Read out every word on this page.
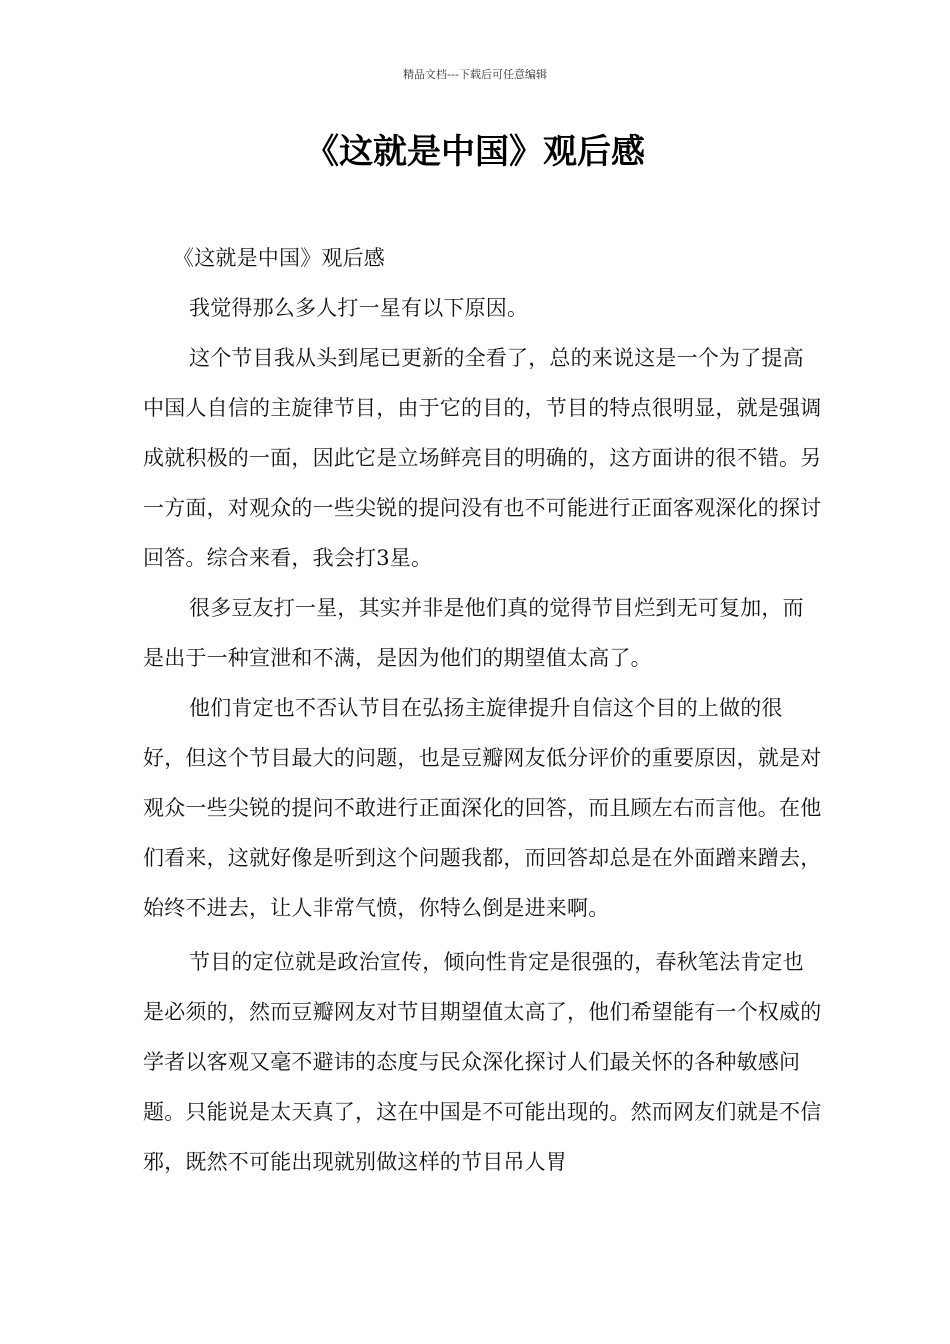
精品文档---下载后可任意编辑
《这就是中国》观后感

《这就是中国》观后感

我觉得那么多人打一星有以下原因。

这个节目我从头到尾已更新的全看了，总的来说这是一个为了提高中国人自信的主旋律节目，由于它的目的，节目的特点很明显，就是强调成就积极的一面，因此它是立场鲜亮目的明确的，这方面讲的很不错。另一方面，对观众的一些尖锐的提问没有也不可能进行正面客观深化的探讨回答。综合来看，我会打3星。

很多豆友打一星，其实并非是他们真的觉得节目烂到无可复加，而是出于一种宣泄和不满，是因为他们的期望值太高了。

他们肯定也不否认节目在弘扬主旋律提升自信这个目的上做的很好，但这个节目最大的问题，也是豆瓣网友低分评价的重要原因，就是对观众一些尖锐的提问不敢进行正面深化的回答，而且顾左右而言他。在他们看来，这就好像是听到这个问题我都，而回答却总是在外面蹭来蹭去，始终不进去，让人非常气愤，你特么倒是进来啊。

节目的定位就是政治宣传，倾向性肯定是很强的，春秋笔法肯定也是必须的，然而豆瓣网友对节目期望值太高了，他们希望能有一个权威的学者以客观又毫不避讳的态度与民众深化探讨人们最关怀的各种敏感问题。只能说是太天真了，这在中国是不可能出现的。然而网友们就是不信邪，既然不可能出现就别做这样的节目吊人胃
